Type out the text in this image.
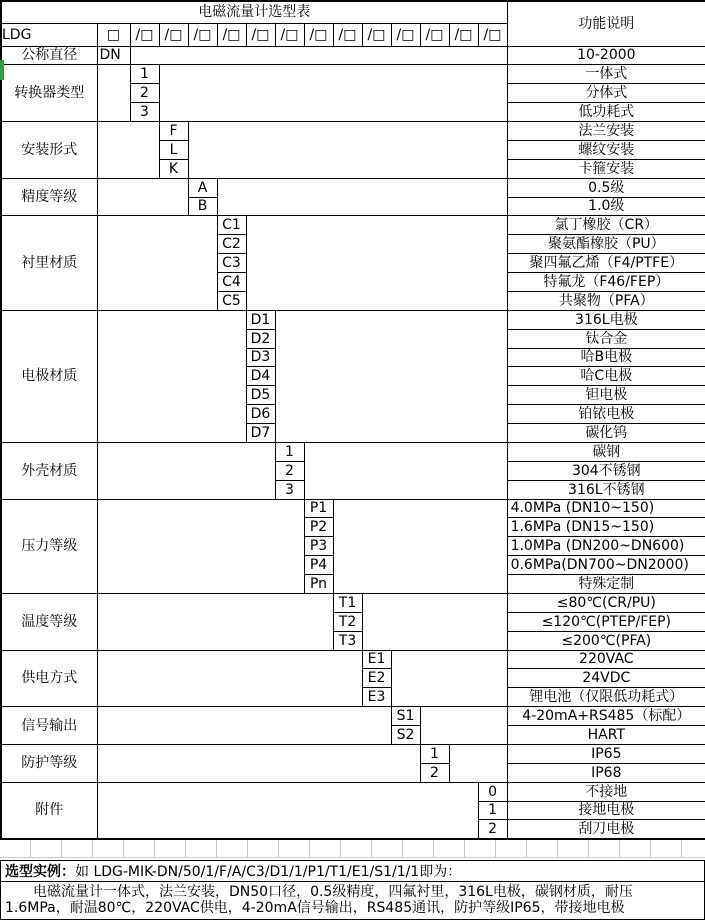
电磁流量计选型表															功能说明
LDG	□	/□	/□	/□	/□	/□	/□	/□	/□	/□	/□	/□	/□	/□	
公称直径	DN														10-2000
转换器类型		1													一体式
		2													分体式
		3													低功耗式
安装形式			F												法兰安装
			L												螺纹安装
			K												卡箍安装
精度等级				A											0.5级
				B											1.0级
衬里材质					C1										氯丁橡胶（CR）
					C2										聚氨酯橡胶（PU）
					C3										聚四氟乙烯（F4/PTFE）
					C4										特氟龙（F46/FEP）
					C5										共聚物（PFA）
电极材质						D1									316L电极
						D2									钛合金
						D3									哈B电极
						D4									哈C电极
						D5									钽电极
						D6									铂铱电极
						D7									碳化钨
外壳材质							1								碳钢
							2								304不锈钢
							3								316L不锈钢
压力等级								P1							4.0MPa (DN10~150)
								P2							1.6MPa (DN15~150)
								P3							1.0MPa (DN200~DN600)
								P4							0.6MPa(DN700~DN2000)
								Pn							特殊定制
温度等级									T1						≤80℃(CR/PU)
									T2						≤120℃(PTEP/FEP)
									T3						≤200℃(PFA)
供电方式										E1					220VAC
										E2					24VDC
										E3					锂电池（仅限低功耗式）
信号输出											S1				4-20mA+RS485（标配）
											S2				HART
防护等级												1			IP65
												2			IP68
附件														0	不接地
														1	接地电极
														2	刮刀电极
选型实例： 如 LDG-MIK-DN/50/1/F/A/C3/D1/1/P1/T1/E1/S1/1/1即为：
电磁流量计一体式，法兰安装，DN50口径，0.5级精度，四氟衬里，316L电极，碳钢材质，耐压
1.6MPa，耐温80℃，220VAC供电，4-20mA信号输出，RS485通讯，防护等级IP65，带接地电极
